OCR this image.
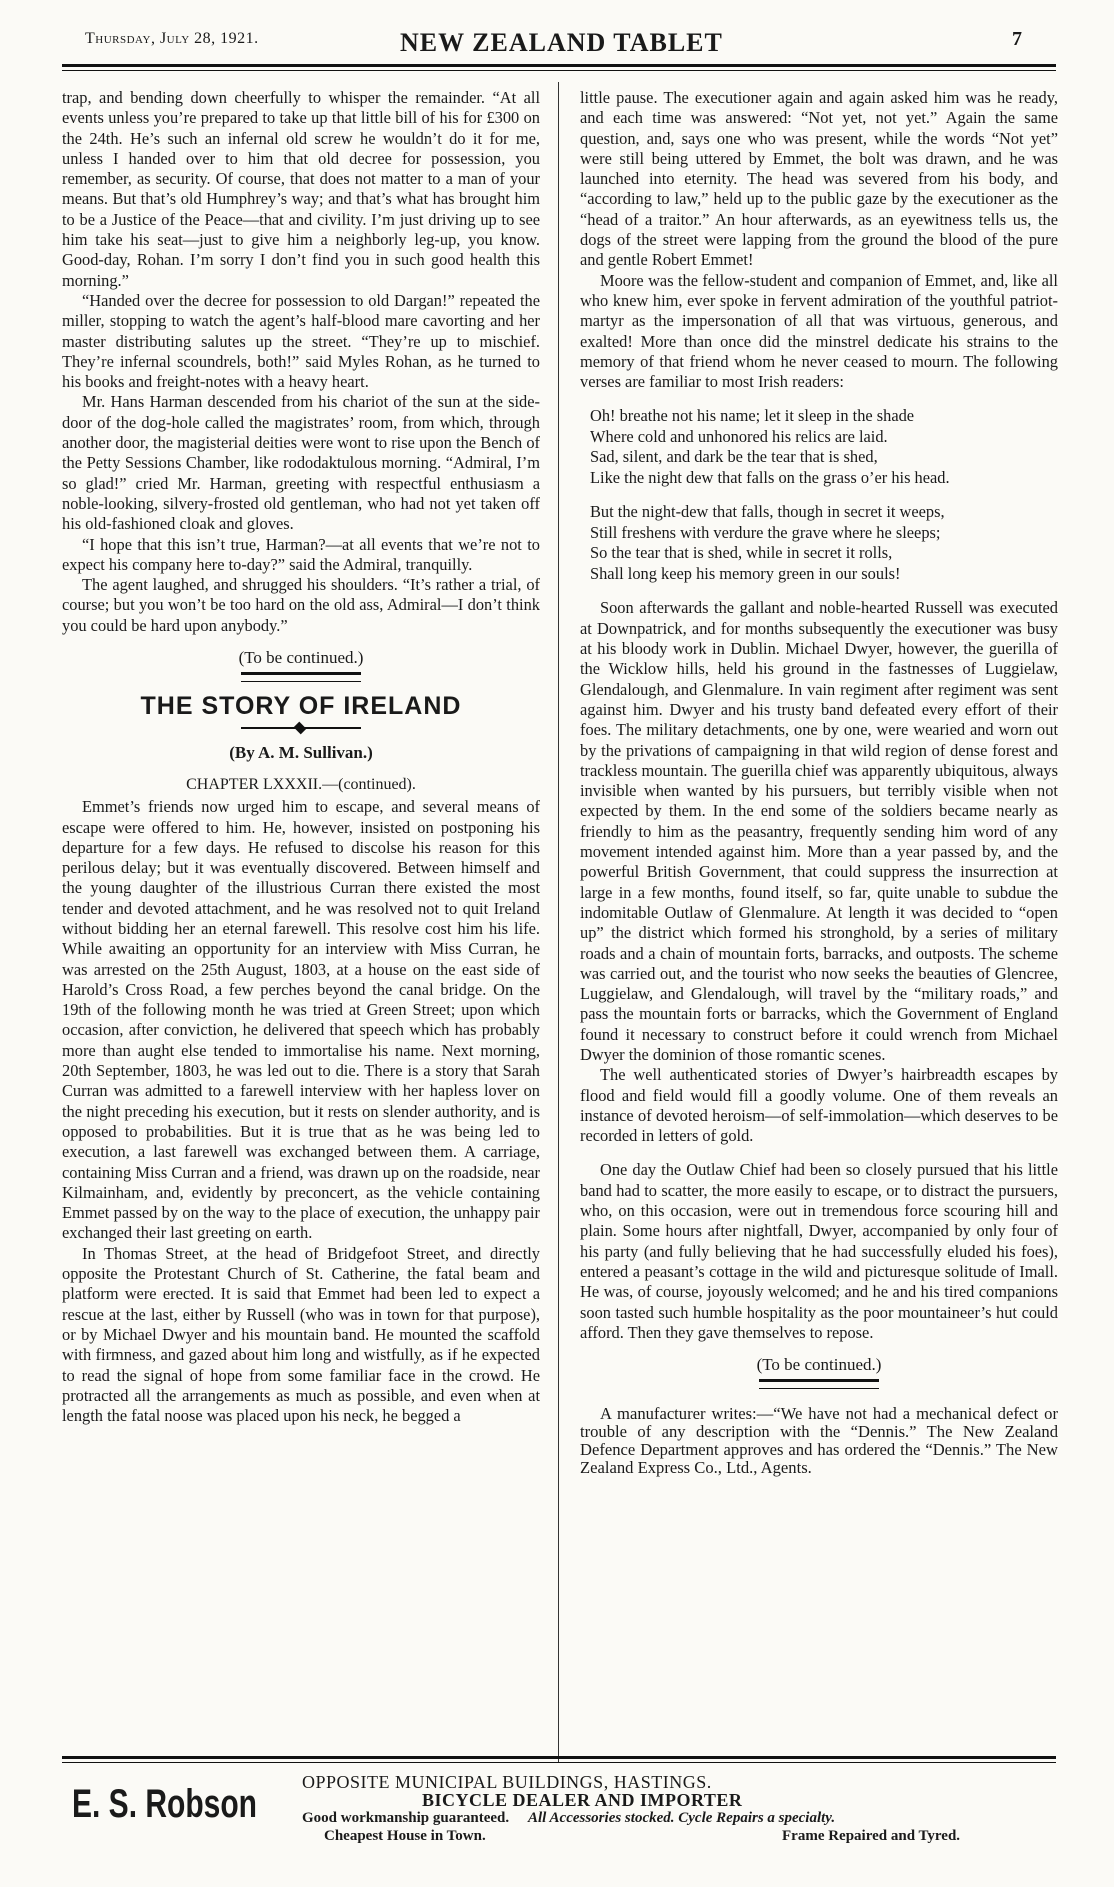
Thursday, July 28, 1921.	NEW ZEALAND TABLET	7

trap, and bending down cheerfully to whisper the remainder. “At all events unless you’re prepared to take up that little bill of his for £300 on the 24th. He’s such an infernal old screw he wouldn’t do it for me, unless I handed over to him that old decree for possession, you remember, as security. Of course, that does not matter to a man of your means. But that’s old Humphrey’s way; and that’s what has brought him to be a Justice of the Peace—that and civility. I’m just driving up to see him take his seat—just to give him a neighborly leg-up, you know. Good-day, Rohan. I’m sorry I don’t find you in such good health this morning.”

“Handed over the decree for possession to old Dargan!” repeated the miller, stopping to watch the agent’s half-blood mare cavorting and her master distributing salutes up the street. “They’re up to mischief. They’re infernal scoundrels, both!” said Myles Rohan, as he turned to his books and freight-notes with a heavy heart.

Mr. Hans Harman descended from his chariot of the sun at the side-door of the dog-hole called the magistrates’ room, from which, through another door, the magisterial deities were wont to rise upon the Bench of the Petty Sessions Chamber, like rododaktulous morning. “Admiral, I’m so glad!” cried Mr. Harman, greeting with respectful enthusiasm a noble-looking, silvery-frosted old gentleman, who had not yet taken off his old-fashioned cloak and gloves.

“I hope that this isn’t true, Harman?—at all events that we’re not to expect his company here to-day?” said the Admiral, tranquilly.

The agent laughed, and shrugged his shoulders. “It’s rather a trial, of course; but you won’t be too hard on the old ass, Admiral—I don’t think you could be hard upon anybody.”

(To be continued.)
THE STORY OF IRELAND
(By A. M. Sullivan.)
CHAPTER LXXXII.—(continued).

Emmet’s friends now urged him to escape, and several means of escape were offered to him. He, however, insisted on postponing his departure for a few days. He refused to discolse his reason for this perilous delay; but it was eventually discovered. Between himself and the young daughter of the illustrious Curran there existed the most tender and devoted attachment, and he was resolved not to quit Ireland without bidding her an eternal farewell. This resolve cost him his life. While awaiting an opportunity for an interview with Miss Curran, he was arrested on the 25th August, 1803, at a house on the east side of Harold’s Cross Road, a few perches beyond the canal bridge. On the 19th of the following month he was tried at Green Street; upon which occasion, after conviction, he delivered that speech which has probably more than aught else tended to immortalise his name. Next morning, 20th September, 1803, he was led out to die. There is a story that Sarah Curran was admitted to a farewell interview with her hapless lover on the night preceding his execution, but it rests on slender authority, and is opposed to probabilities. But it is true that as he was being led to execution, a last farewell was exchanged between them. A carriage, containing Miss Curran and a friend, was drawn up on the roadside, near Kilmainham, and, evidently by preconcert, as the vehicle containing Emmet passed by on the way to the place of execution, the unhappy pair exchanged their last greeting on earth.

In Thomas Street, at the head of Bridgefoot Street, and directly opposite the Protestant Church of St. Catherine, the fatal beam and platform were erected. It is said that Emmet had been led to expect a rescue at the last, either by Russell (who was in town for that purpose), or by Michael Dwyer and his mountain band. He mounted the scaffold with firmness, and gazed about him long and wistfully, as if he expected to read the signal of hope from some familiar face in the crowd. He protracted all the arrangements as much as possible, and even when at length the fatal noose was placed upon his neck, he begged a

little pause. The executioner again and again asked him was he ready, and each time was answered: “Not yet, not yet.” Again the same question, and, says one who was present, while the words “Not yet” were still being uttered by Emmet, the bolt was drawn, and he was launched into eternity. The head was severed from his body, and “according to law,” held up to the public gaze by the executioner as the “head of a traitor.” An hour afterwards, as an eyewitness tells us, the dogs of the street were lapping from the ground the blood of the pure and gentle Robert Emmet!

Moore was the fellow-student and companion of Emmet, and, like all who knew him, ever spoke in fervent admiration of the youthful patriot-martyr as the impersonation of all that was virtuous, generous, and exalted! More than once did the minstrel dedicate his strains to the memory of that friend whom he never ceased to mourn. The following verses are familiar to most Irish readers:

Oh! breathe not his name; let it sleep in the shade
Where cold and unhonored his relics are laid.
Sad, silent, and dark be the tear that is shed,
Like the night dew that falls on the grass o’er his head.
But the night-dew that falls, though in secret it weeps,
Still freshens with verdure the grave where he sleeps;
So the tear that is shed, while in secret it rolls,
Shall long keep his memory green in our souls!

Soon afterwards the gallant and noble-hearted Russell was executed at Downpatrick, and for months subsequently the executioner was busy at his bloody work in Dublin. Michael Dwyer, however, the guerilla of the Wicklow hills, held his ground in the fastnesses of Luggielaw, Glendalough, and Glenmalure. In vain regiment after regiment was sent against him. Dwyer and his trusty band defeated every effort of their foes. The military detachments, one by one, were wearied and worn out by the privations of campaigning in that wild region of dense forest and trackless mountain. The guerilla chief was apparently ubiquitous, always invisible when wanted by his pursuers, but terribly visible when not expected by them. In the end some of the soldiers became nearly as friendly to him as the peasantry, frequently sending him word of any movement intended against him. More than a year passed by, and the powerful British Government, that could suppress the insurrection at large in a few months, found itself, so far, quite unable to subdue the indomitable Outlaw of Glenmalure. At length it was decided to “open up” the district which formed his stronghold, by a series of military roads and a chain of mountain forts, barracks, and outposts. The scheme was carried out, and the tourist who now seeks the beauties of Glencree, Luggielaw, and Glendalough, will travel by the “military roads,” and pass the mountain forts or barracks, which the Government of England found it necessary to construct before it could wrench from Michael Dwyer the dominion of those romantic scenes.

The well authenticated stories of Dwyer’s hairbreadth escapes by flood and field would fill a goodly volume. One of them reveals an instance of devoted heroism—of self-immolation—which deserves to be recorded in letters of gold.

One day the Outlaw Chief had been so closely pursued that his little band had to scatter, the more easily to escape, or to distract the pursuers, who, on this occasion, were out in tremendous force scouring hill and plain. Some hours after nightfall, Dwyer, accompanied by only four of his party (and fully believing that he had successfully eluded his foes), entered a peasant’s cottage in the wild and picturesque solitude of Imall. He was, of course, joyously welcomed; and he and his tired companions soon tasted such humble hospitality as the poor mountaineer’s hut could afford. Then they gave themselves to repose.

(To be continued.)

A manufacturer writes:—“We have not had a mechanical defect or trouble of any description with the “Dennis.” The New Zealand Defence Department approves and has ordered the “Dennis.” The New Zealand Express Co., Ltd., Agents.

E. S. Robson OPPOSITE MUNICIPAL BUILDINGS, HASTINGS.
BICYCLE DEALER AND IMPORTER
Good workmanship guaranteed. All Accessories stocked. Cycle Repairs a specialty.
Cheapest House in Town.	Frame Repaired and Tyred.
